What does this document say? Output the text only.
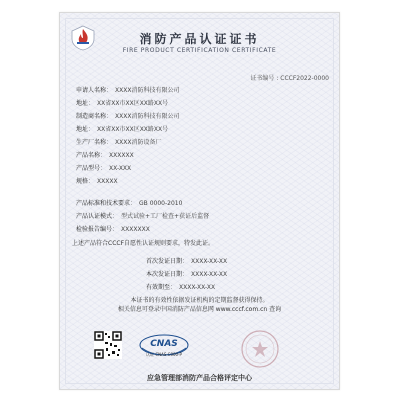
消防产品认证证书
FIRE PRODUCT CERTIFICATION CERTIFICATE
证书编号 : CCCF2022-0000
申请人名称： XXXX消防科技有限公司
地址： XX省XX市XX区XX路XX号
制造商名称： XXXX消防科技有限公司
地址： XX省XX市XX区XX路XX号
生产厂名称： XXXX消防设备厂
产品名称： XXXXXX
产品型号： XX-XXX
规格： XXXXX
产品标准和技术要求： GB 0000-2010
产品认证模式： 型式试验+工厂检查+获证后监督
检验报告编号： XXXXXXX
上述产品符合CCCF自愿性认证规则要求，特发此证。
首次发证日期： XXXX-XX-XX
本次发证日期： XXXX-XX-XX
有效期至： XXXX-XX-XX
本证书的有效性依据发证机构的定期监督获得保持。
相关信息可登录中国消防产品信息网 www.cccf.com.cn 查询
CNAS
认证 CNAS C000-P
应急管理部消防产品合格评定中心
